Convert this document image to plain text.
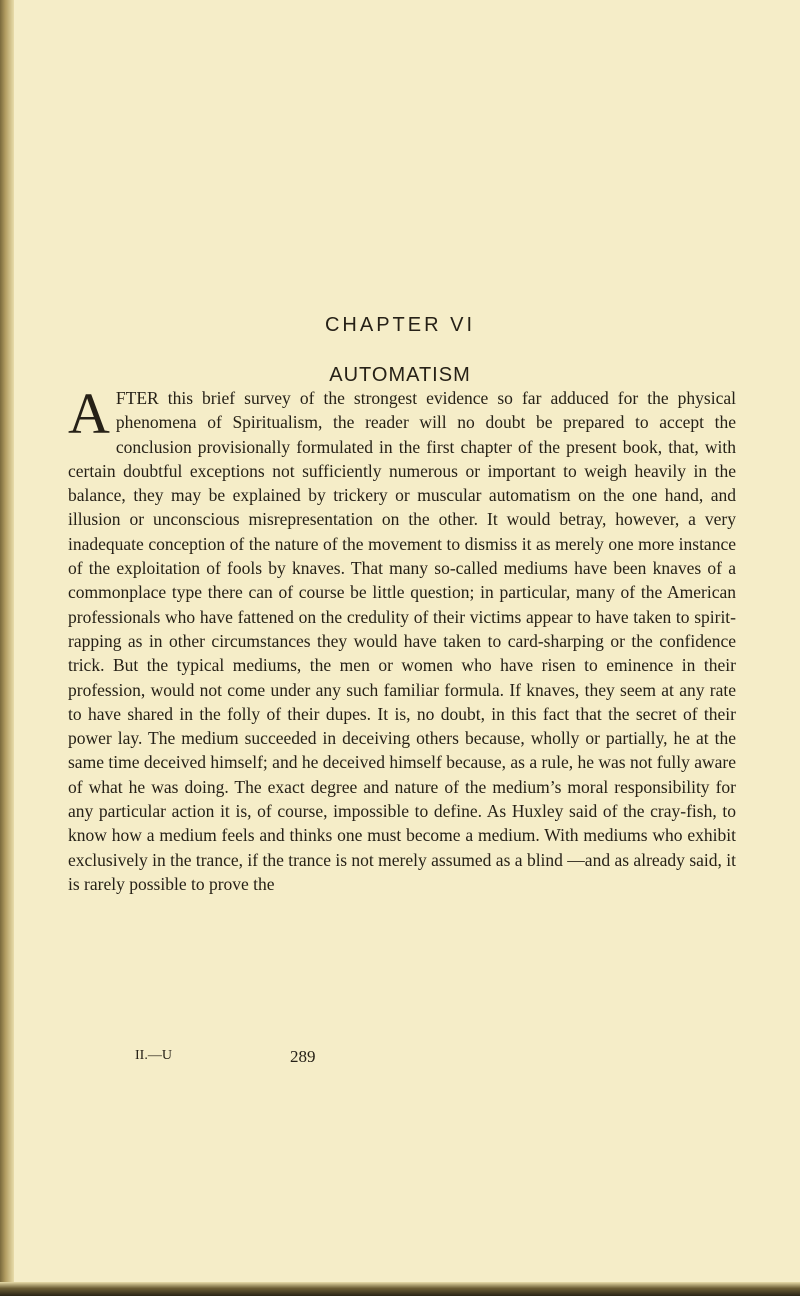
CHAPTER VI
AUTOMATISM
A FTER this brief survey of the strongest evidence so far adduced for the physical phenomena of Spiritualism, the reader will no doubt be prepared to accept the conclusion provisionally formulated in the first chapter of the present book, that, with certain doubtful exceptions not sufficiently numerous or important to weigh heavily in the balance, they may be explained by trickery or muscular automatism on the one hand, and illusion or unconscious misrepresentation on the other. It would betray, however, a very inadequate conception of the nature of the movement to dismiss it as merely one more instance of the exploitation of fools by knaves. That many so-called mediums have been knaves of a commonplace type there can of course be little question; in particular, many of the American professionals who have fattened on the credulity of their victims appear to have taken to spirit-rapping as in other circumstances they would have taken to card-sharping or the confidence trick. But the typical mediums, the men or women who have risen to eminence in their profession, would not come under any such familiar formula. If knaves, they seem at any rate to have shared in the folly of their dupes. It is, no doubt, in this fact that the secret of their power lay. The medium succeeded in deceiving others because, wholly or partially, he at the same time deceived himself; and he deceived himself because, as a rule, he was not fully aware of what he was doing. The exact degree and nature of the medium’s moral responsibility for any particular action it is, of course, impossible to define. As Huxley said of the cray-fish, to know how a medium feels and thinks one must become a medium. With mediums who exhibit exclusively in the trance, if the trance is not merely assumed as a blind —and as already said, it is rarely possible to prove the
II.—U	289
